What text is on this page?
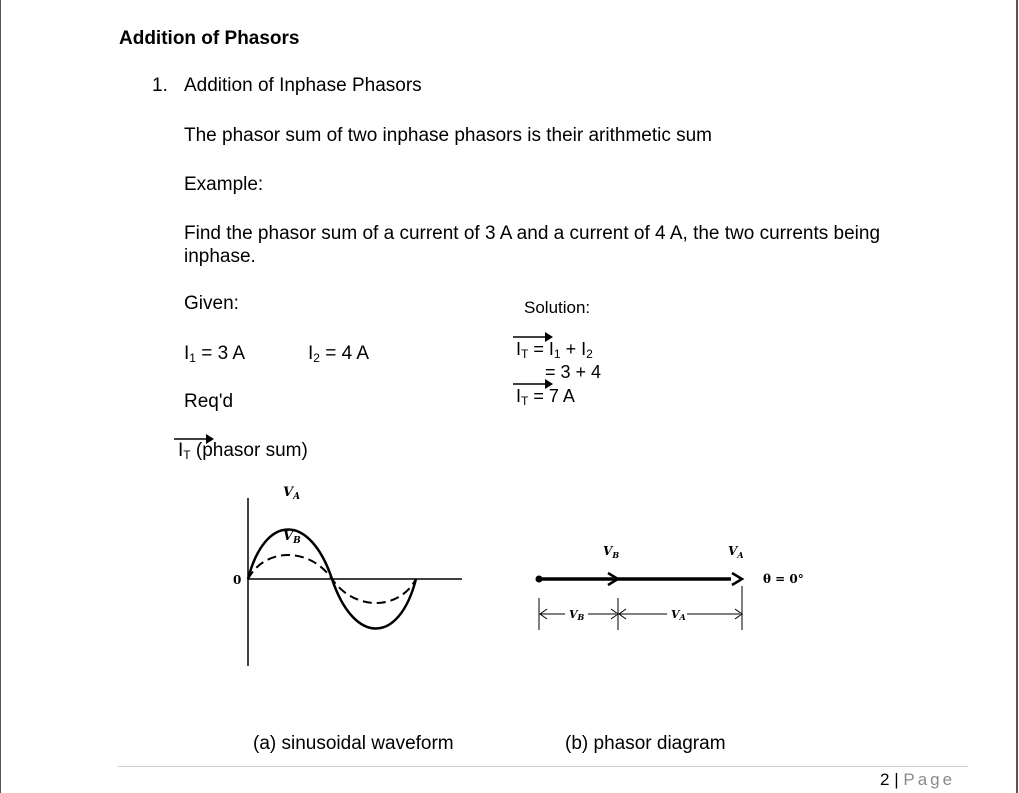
Addition of Phasors
1. Addition of Inphase Phasors
The phasor sum of two inphase phasors is their arithmetic sum
Example:
Find the phasor sum of a current of 3 A and a current of 4 A, the two currents being
inphase.
Given:
$I_1 = 3$ A	$I_2 = 4$ A
Req'd
$I_T$ (phasor sum)
Solution:
$I_T = I_1 + I_2$
= 3 + 4
$I_T = 7$ A
0
$V_A$
$V_B$
VB	VA
$V_B$	$V_A$
θ = 0°
(a) sinusoidal waveform	(b) phasor diagram
2 | Page
